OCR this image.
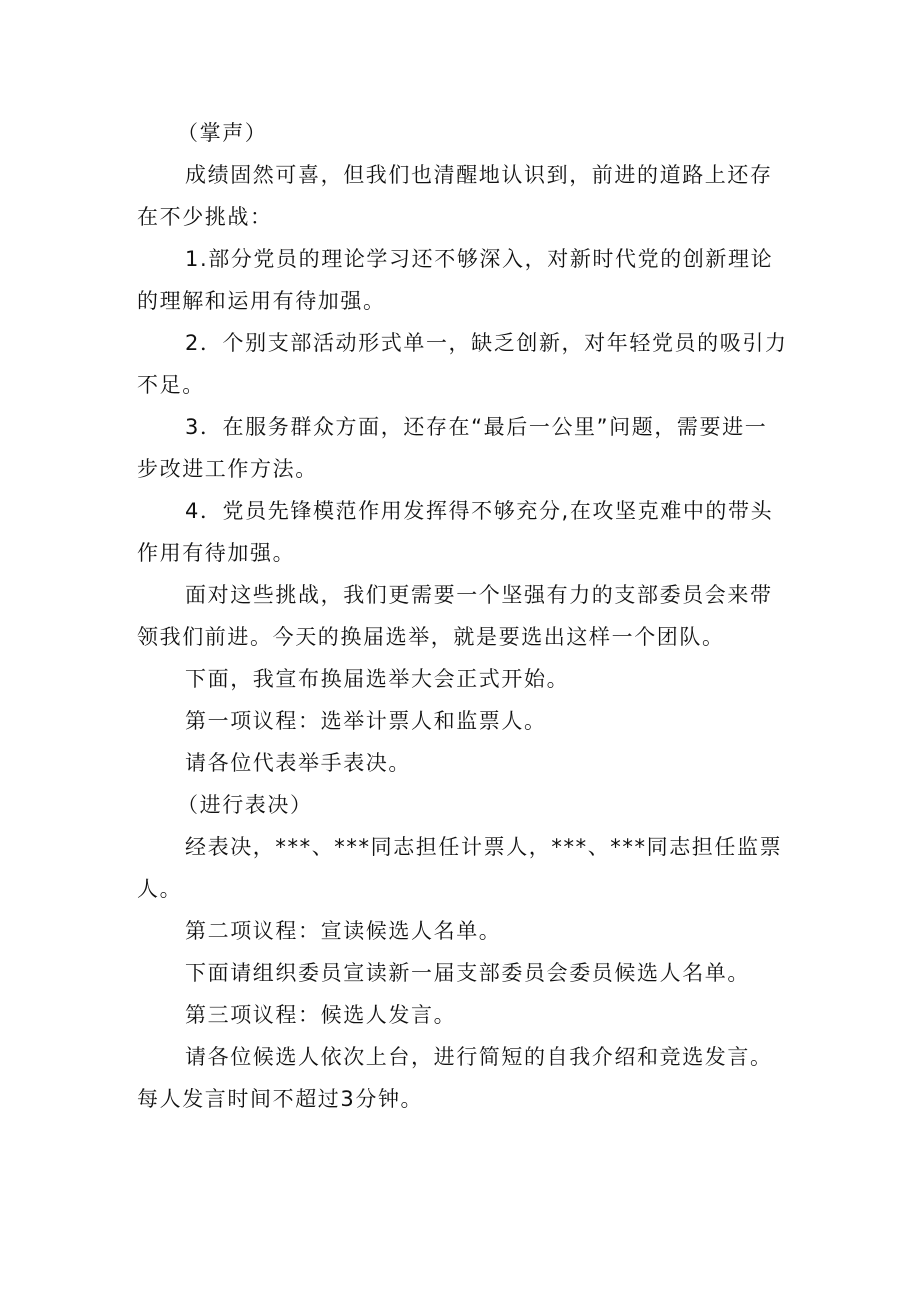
（掌声）

成绩固然可喜，但我们也清醒地认识到，前进的道路上还存在不少挑战：

1.部分党员的理论学习还不够深入，对新时代党的创新理论的理解和运用有待加强。

2．个别支部活动形式单一，缺乏创新，对年轻党员的吸引力不足。

3．在服务群众方面，还存在“最后一公里”问题，需要进一步改进工作方法。

4．党员先锋模范作用发挥得不够充分,在攻坚克难中的带头作用有待加强。

面对这些挑战，我们更需要一个坚强有力的支部委员会来带领我们前进。今天的换届选举，就是要选出这样一个团队。

下面，我宣布换届选举大会正式开始。

第一项议程：选举计票人和监票人。

请各位代表举手表决。

（进行表决）

经表决，***、***同志担任计票人，***、***同志担任监票人。

第二项议程：宣读候选人名单。

下面请组织委员宣读新一届支部委员会委员候选人名单。

第三项议程：候选人发言。

请各位候选人依次上台，进行简短的自我介绍和竞选发言。每人发言时间不超过3分钟。
